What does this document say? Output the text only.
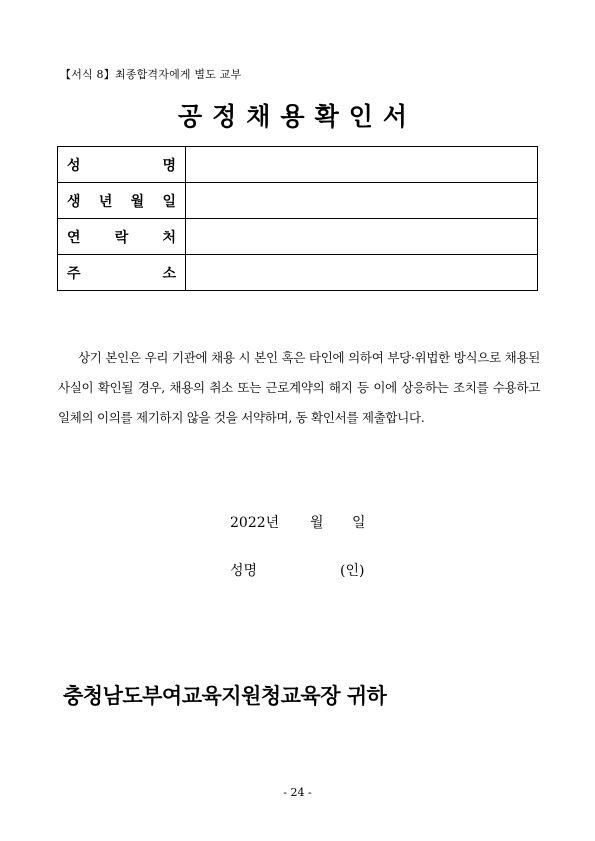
【서식 8】최종합격자에게 별도 교부
공정채용확인서
성 명	

생 년 월 일	

연 락 처	

주 소	

상기 본인은 우리 기관에 채용 시 본인 혹은 타인에 의하여 부당·위법한 방식으로 채용된 사실이 확인될 경우, 채용의 취소 또는 근로계약의 해지 등 이에 상응하는 조치를 수용하고 일체의 이의를 제기하지 않을 것을 서약하며, 동 확인서를 제출합니다.

2022년 월 일
성명	(인)
충청남도부여교육지원청교육장 귀하
- 24 -
